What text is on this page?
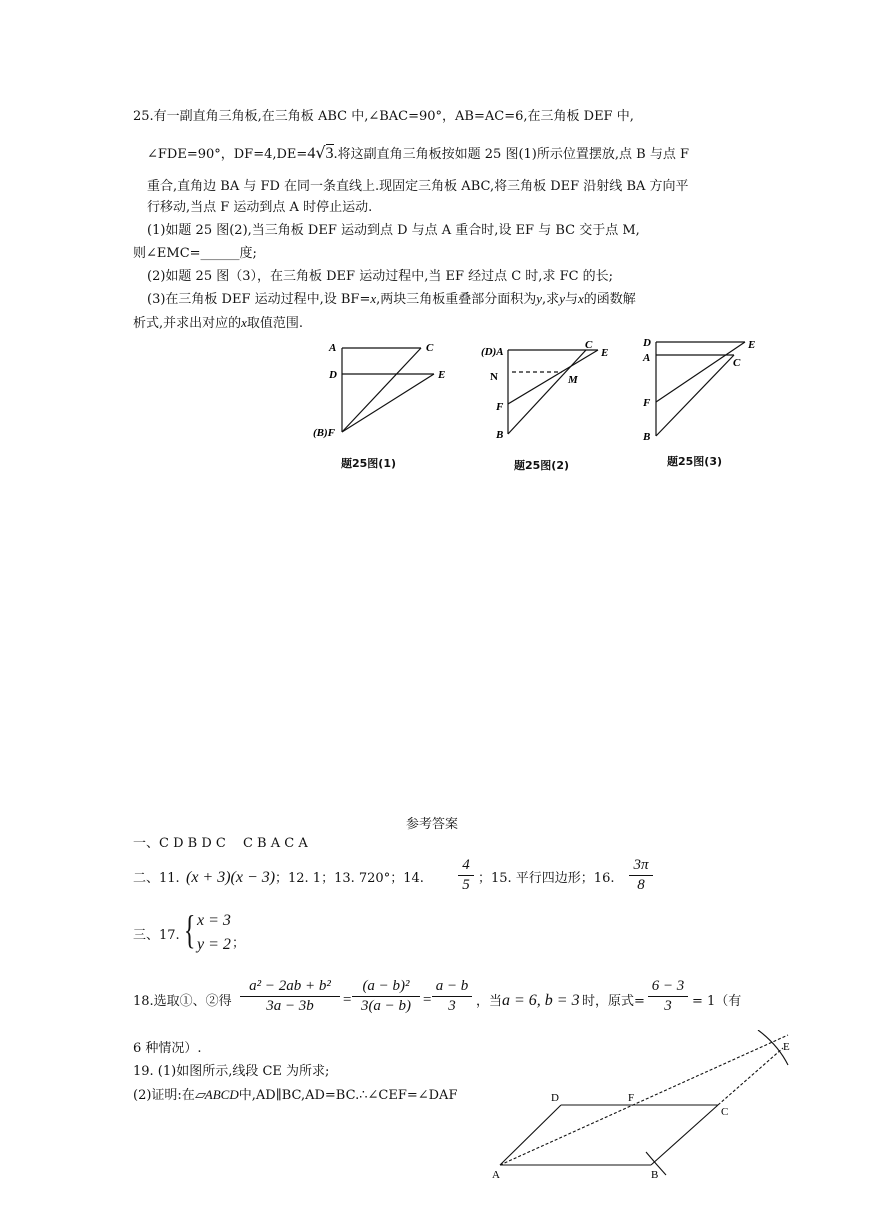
25.有一副直角三角板,在三角板 ABC 中,∠BAC=90°，AB=AC=6,在三角板 DEF 中,
∠FDE=90°，DF=4,DE=4√3.将这副直角三角板按如题 25 图(1)所示位置摆放,点 B 与点 F
重合,直角边 BA 与 FD 在同一条直线上.现固定三角板 ABC,将三角板 DEF 沿射线 BA 方向平
行移动,当点 F 运动到点 A 时停止运动.
(1)如题 25 图(2),当三角板 DEF 运动到点 D 与点 A 重合时,设 EF 与 BC 交于点 M,
则∠EMC=______度;
(2)如题 25 图（3），在三角板 DEF 运动过程中,当 EF 经过点 C 时,求 FC 的长;
(3)在三角板 DEF 运动过程中,设 BF=x,两块三角板重叠部分面积为y,求y与x的函数解
析式,并求出对应的x取值范围.
A	C
D	E
(B)F
题25图(1)
(D)A
C
E
N	M
F
B
题25图(2)
D
A
E
C
F
B
题25图(3)
参考答案
一、C D B D C　 C B A C A
二、11. (x + 3)(x − 3) ；12. 1；13. 720°；14.
4
5 ；15. 平行四边形；16.
3π
8
三、17. { x = 3
y = 2 ；
18.选取①、②得
a² − 2ab + b²
3a − 3b	=
(a − b)²
3(a − b) =
a − b
3	，当 a = 6, b = 3 时，原式=
6 − 3
3	= 1（有
6 种情况）.
19. (1)如图所示,线段 CE 为所求;
(2)证明:在▱ABCD中,AD∥BC,AD=BC.∴∠CEF=∠DAF
A	B
C
D	F
E
